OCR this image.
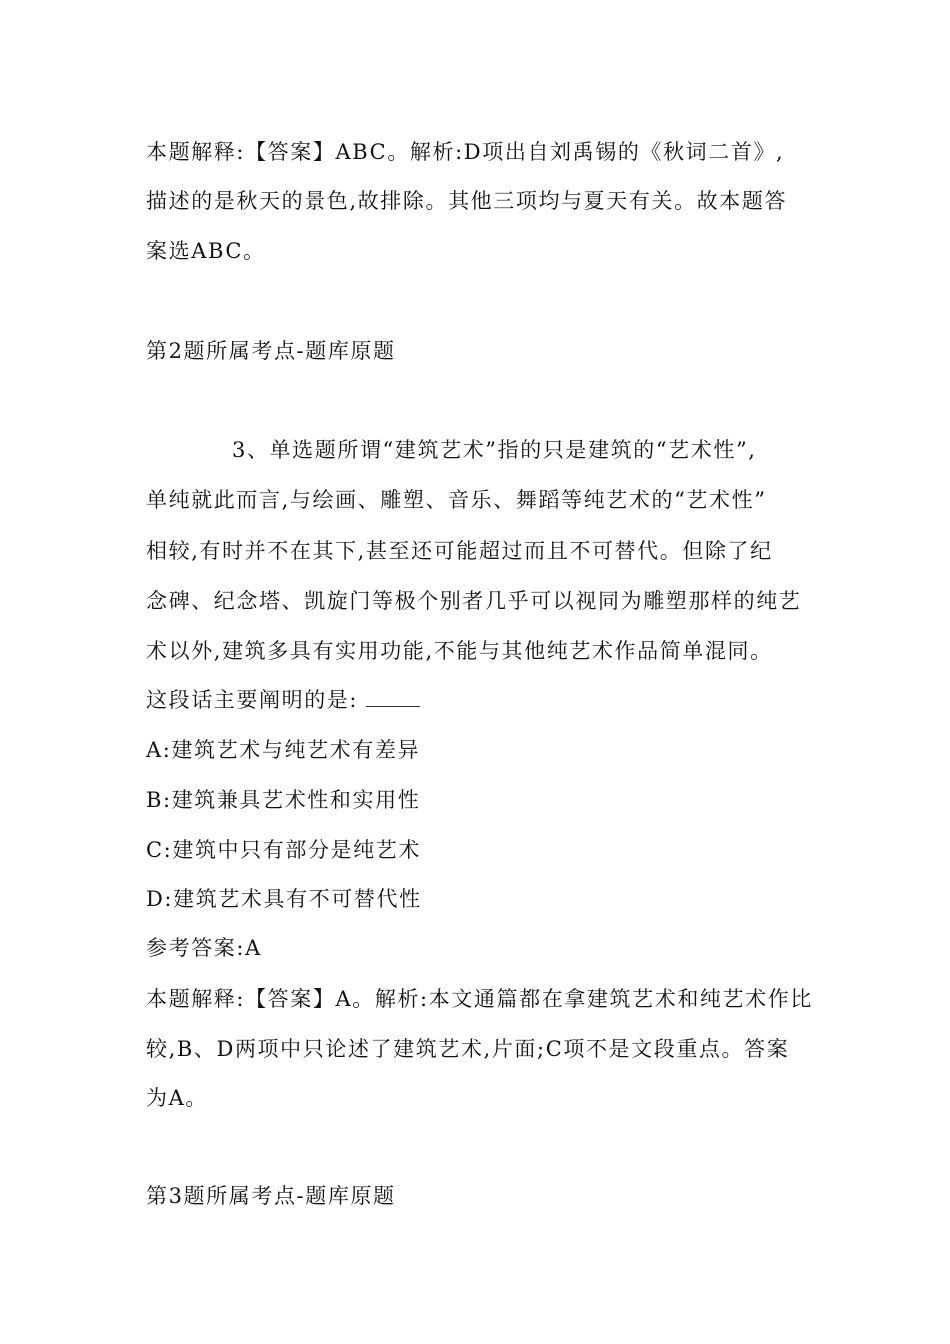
本题解释:【答案】ABC。解析:D项出自刘禹锡的《秋词二首》,
描述的是秋天的景色,故排除。其他三项均与夏天有关。故本题答
案选ABC。
第2题所属考点-题库原题
3、单选题所谓“建筑艺术”指的只是建筑的“艺术性”,
单纯就此而言,与绘画、雕塑、音乐、舞蹈等纯艺术的“艺术性”
相较,有时并不在其下,甚至还可能超过而且不可替代。但除了纪
念碑、纪念塔、凯旋门等极个别者几乎可以视同为雕塑那样的纯艺
术以外,建筑多具有实用功能,不能与其他纯艺术作品简单混同。
这段话主要阐明的是:
A:建筑艺术与纯艺术有差异
B:建筑兼具艺术性和实用性
C:建筑中只有部分是纯艺术
D:建筑艺术具有不可替代性
参考答案:A
本题解释:【答案】A。解析:本文通篇都在拿建筑艺术和纯艺术作比
较,B、D两项中只论述了建筑艺术,片面;C项不是文段重点。答案
为A。
第3题所属考点-题库原题
